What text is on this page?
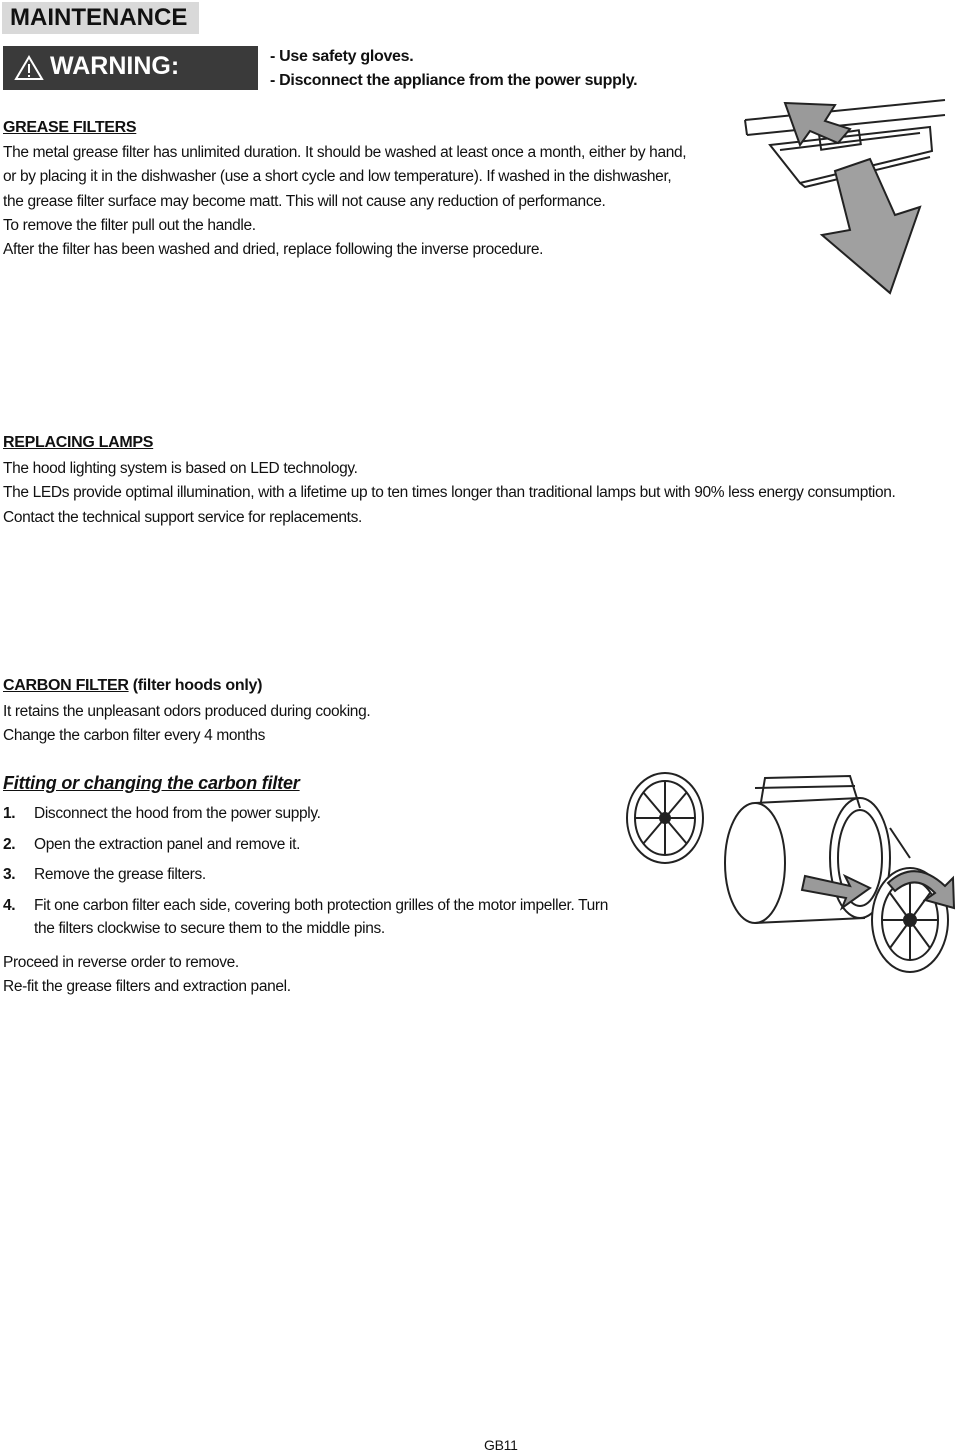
MAINTENANCE
WARNING:	- Use safety gloves.
- Disconnect the appliance from the power supply.
GREASE FILTERS
The metal grease filter has unlimited duration. It should be washed at least once a month, either by hand,
or by placing it in the dishwasher (use a short cycle and low temperature). If washed in the dishwasher,
the grease filter surface may become matt. This will not cause any reduction of performance.
To remove the filter pull out the handle.
After the filter has been washed and dried, replace following the inverse procedure.
REPLACING LAMPS
The hood lighting system is based on LED technology.
The LEDs provide optimal illumination, with a lifetime up to ten times longer than traditional lamps but with 90% less energy consumption.
Contact the technical support service for replacements.
CARBON FILTER (filter hoods only)
It retains the unpleasant odors produced during cooking.
Change the carbon filter every 4 months
Fitting or changing the carbon filter
1. Disconnect the hood from the power supply.
2. Open the extraction panel and remove it.
3. Remove the grease filters.
4. Fit one carbon filter each side, covering both protection grilles of the motor impeller. Turn
the filters clockwise to secure them to the middle pins.
Proceed in reverse order to remove.
Re-fit the grease filters and extraction panel.
GB11
